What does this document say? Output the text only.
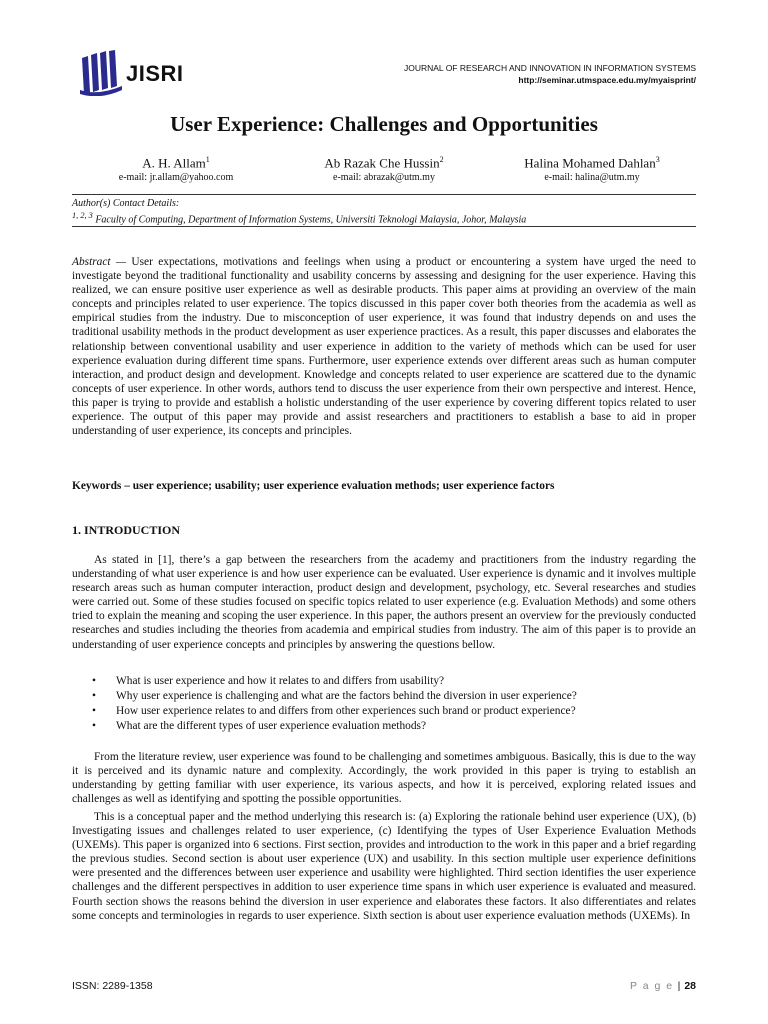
JISRI	JOURNAL OF RESEARCH AND INNOVATION IN INFORMATION SYSTEMS
http://seminar.utmspace.edu.my/myaisprint/
User Experience: Challenges and Opportunities
A. H. Allam$^1$
e-mail: jr.allam@yahoo.com
Ab Razak Che Hussin$^2$
e-mail: abrazak@utm.my
Halina Mohamed Dahlan$^3$
e-mail: halina@utm.my
Author(s) Contact Details:
$^{1, 2, 3}$ Faculty of Computing, Department of Information Systems, Universiti Teknologi Malaysia, Johor, Malaysia
Abstract — User expectations, motivations and feelings when using a product or encountering a system have urged the need to investigate beyond the traditional functionality and usability concerns by assessing and designing for the user experience. Having this realized, we can ensure positive user experience as well as desirable products. This paper aims at providing an overview of the main concepts and principles related to user experience. The topics discussed in this paper cover both theories from the academia as well as empirical studies from the industry. Due to misconception of user experience, it was found that industry depends on and uses the traditional usability methods in the product development as user experience practices. As a result, this paper discusses and elaborates the relationship between conventional usability and user experience in addition to the variety of methods which can be used for user experience evaluation during different time spans. Furthermore, user experience extends over different areas such as human computer interaction, and product design and development. Knowledge and concepts related to user experience are scattered due to the dynamic concepts of user experience. In other words, authors tend to discuss the user experience from their own perspective and interest. Hence, this paper is trying to provide and establish a holistic understanding of the user experience by covering different topics related to user experience. The output of this paper may provide and assist researchers and practitioners to establish a base to aid in proper understanding of user experience, its concepts and principles.
Keywords – user experience; usability; user experience evaluation methods; user experience factors
1. INTRODUCTION

As stated in [1], there’s a gap between the researchers from the academy and practitioners from the industry regarding the understanding of what user experience is and how user experience can be evaluated. User experience is dynamic and it involves multiple research areas such as human computer interaction, product design and development, psychology, etc. Several researches and studies were carried out. Some of these studies focused on specific topics related to user experience (e.g. Evaluation Methods) and some others tried to explain the meaning and scoping the user experience. In this paper, the authors present an overview for the previously conducted researches and studies including the theories from academia and empirical studies from industry. The aim of this paper is to provide an understanding of user experience concepts and principles by answering the questions bellow.

• What is user experience and how it relates to and differs from usability?
• Why user experience is challenging and what are the factors behind the diversion in user experience?
• How user experience relates to and differs from other experiences such brand or product experience?
• What are the different types of user experience evaluation methods?

From the literature review, user experience was found to be challenging and sometimes ambiguous. Basically, this is due to the way it is perceived and its dynamic nature and complexity. Accordingly, the work provided in this paper is trying to establish an understanding by getting familiar with user experience, its various aspects, and how it is perceived, exploring related issues and challenges as well as identifying and spotting the possible opportunities.

This is a conceptual paper and the method underlying this research is: (a) Exploring the rationale behind user experience (UX), (b) Investigating issues and challenges related to user experience, (c) Identifying the types of User Experience Evaluation Methods (UXEMs). This paper is organized into 6 sections. First section, provides and introduction to the work in this paper and a brief regarding the previous studies. Second section is about user experience (UX) and usability. In this section multiple user experience definitions were presented and the differences between user experience and usability were highlighted. Third section identifies the user experience challenges and the different perspectives in addition to user experience time spans in which user experience is evaluated and measured. Fourth section shows the reasons behind the diversion in user experience and elaborates these factors. It also differentiates and relates some concepts and terminologies in regards to user experience. Sixth section is about user experience evaluation methods (UXEMs). In

ISSN: 2289-1358	P a g e | 28
